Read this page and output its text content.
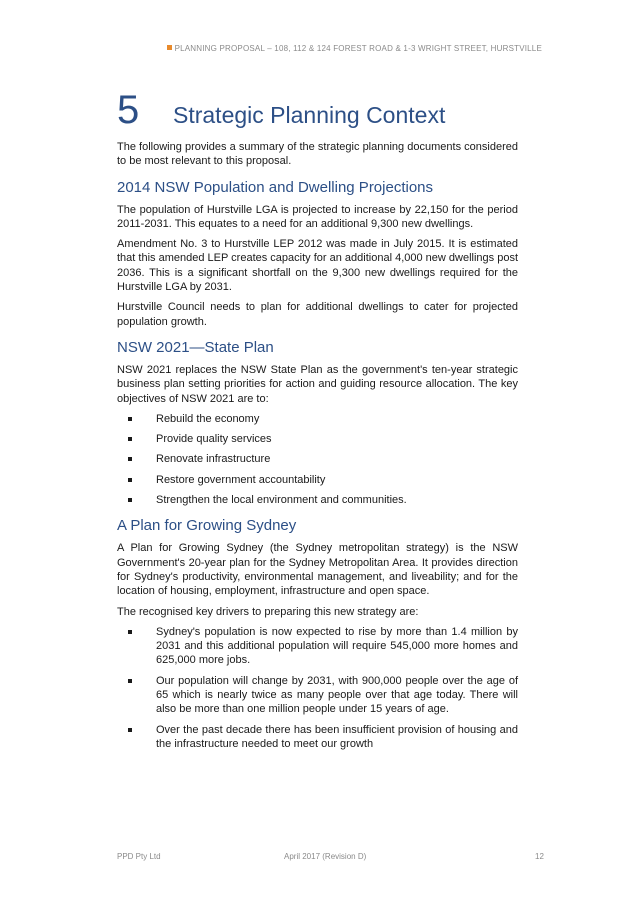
PLANNING PROPOSAL – 108, 112 & 124 FOREST ROAD & 1-3 WRIGHT STREET, HURSTVILLE
5	Strategic Planning Context

The following provides a summary of the strategic planning documents considered to be most relevant to this proposal.

2014 NSW Population and Dwelling Projections

The population of Hurstville LGA is projected to increase by 22,150 for the period 2011-2031. This equates to a need for an additional 9,300 new dwellings.

Amendment No. 3 to Hurstville LEP 2012 was made in July 2015. It is estimated that this amended LEP creates capacity for an additional 4,000 new dwellings post 2036. This is a significant shortfall on the 9,300 new dwellings required for the Hurstville LGA by 2031.

Hurstville Council needs to plan for additional dwellings to cater for projected population growth.

NSW 2021—State Plan

NSW 2021 replaces the NSW State Plan as the government's ten-year strategic business plan setting priorities for action and guiding resource allocation. The key objectives of NSW 2021 are to:

Rebuild the economy
Provide quality services
Renovate infrastructure
Restore government accountability
Strengthen the local environment and communities.
A Plan for Growing Sydney

A Plan for Growing Sydney (the Sydney metropolitan strategy) is the NSW Government's 20-year plan for the Sydney Metropolitan Area. It provides direction for Sydney's productivity, environmental management, and liveability; and for the location of housing, employment, infrastructure and open space.

The recognised key drivers to preparing this new strategy are:

Sydney's population is now expected to rise by more than 1.4 million by 2031 and this additional population will require 545,000 more homes and 625,000 more jobs.
Our population will change by 2031, with 900,000 people over the age of 65 which is nearly twice as many people over that age today. There will also be more than one million people under 15 years of age.
Over the past decade there has been insufficient provision of housing and the infrastructure needed to meet our growth
PPD Pty Ltd	April 2017 (Revision D)	12
